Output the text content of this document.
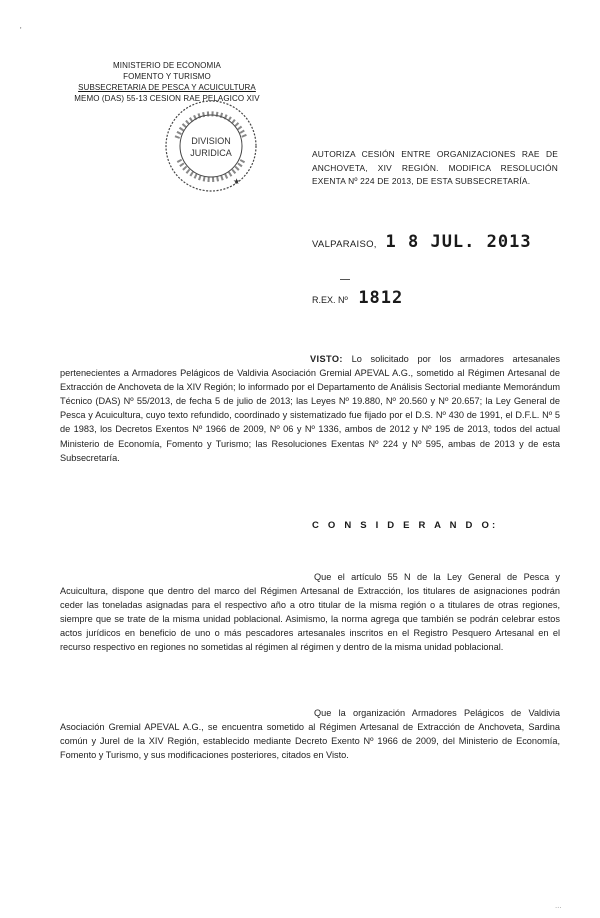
'
MINISTERIO DE ECONOMIA
FOMENTO Y TURISMO
SUBSECRETARIA DE PESCA Y ACUICULTURA
MEMO (DAS) 55-13 CESION RAE PELAGICO XIV
DIVISION
JURIDICA
★
AUTORIZA CESIÓN ENTRE ORGANIZACIONES RAE DE ANCHOVETA, XIV REGIÓN. MODIFICA RESOLUCIÓN EXENTA Nº 224 DE 2013, DE ESTA SUBSECRETARÍA.
VALPARAISO, 1 8 JUL. 2013
R.EX. Nº 1812
VISTO: Lo solicitado por los armadores artesanales pertenecientes a Armadores Pelágicos de Valdivia Asociación Gremial APEVAL A.G., sometido al Régimen Artesanal de Extracción de Anchoveta de la XIV Región; lo informado por el Departamento de Análisis Sectorial mediante Memorándum Técnico (DAS) Nº 55/2013, de fecha 5 de julio de 2013; las Leyes Nº 19.880, Nº 20.560 y Nº 20.657; la Ley General de Pesca y Acuicultura, cuyo texto refundido, coordinado y sistematizado fue fijado por el D.S. Nº 430 de 1991, el D.F.L. Nº 5 de 1983, los Decretos Exentos Nº 1966 de 2009, Nº 06 y Nº 1336, ambos de 2012 y Nº 195 de 2013, todos del actual Ministerio de Economía, Fomento y Turismo; las Resoluciones Exentas Nº 224 y Nº 595, ambas de 2013 y de esta Subsecretaría.
C O N S I D E R A N D O:
Que el artículo 55 N de la Ley General de Pesca y Acuicultura, dispone que dentro del marco del Régimen Artesanal de Extracción, los titulares de asignaciones podrán ceder las toneladas asignadas para el respectivo año a otro titular de la misma región o a titulares de otras regiones, siempre que se trate de la misma unidad poblacional. Asimismo, la norma agrega que también se podrán celebrar estos actos jurídicos en beneficio de uno o más pescadores artesanales inscritos en el Registro Pesquero Artesanal en el recurso respectivo en regiones no sometidas al régimen al régimen y dentro de la misma unidad poblacional.
Que la organización Armadores Pelágicos de Valdivia Asociación Gremial APEVAL A.G., se encuentra sometido al Régimen Artesanal de Extracción de Anchoveta, Sardina común y Jurel de la XIV Región, establecido mediante Decreto Exento Nº 1966 de 2009, del Ministerio de Economía, Fomento y Turismo, y sus modificaciones posteriores, citados en Visto.
···
